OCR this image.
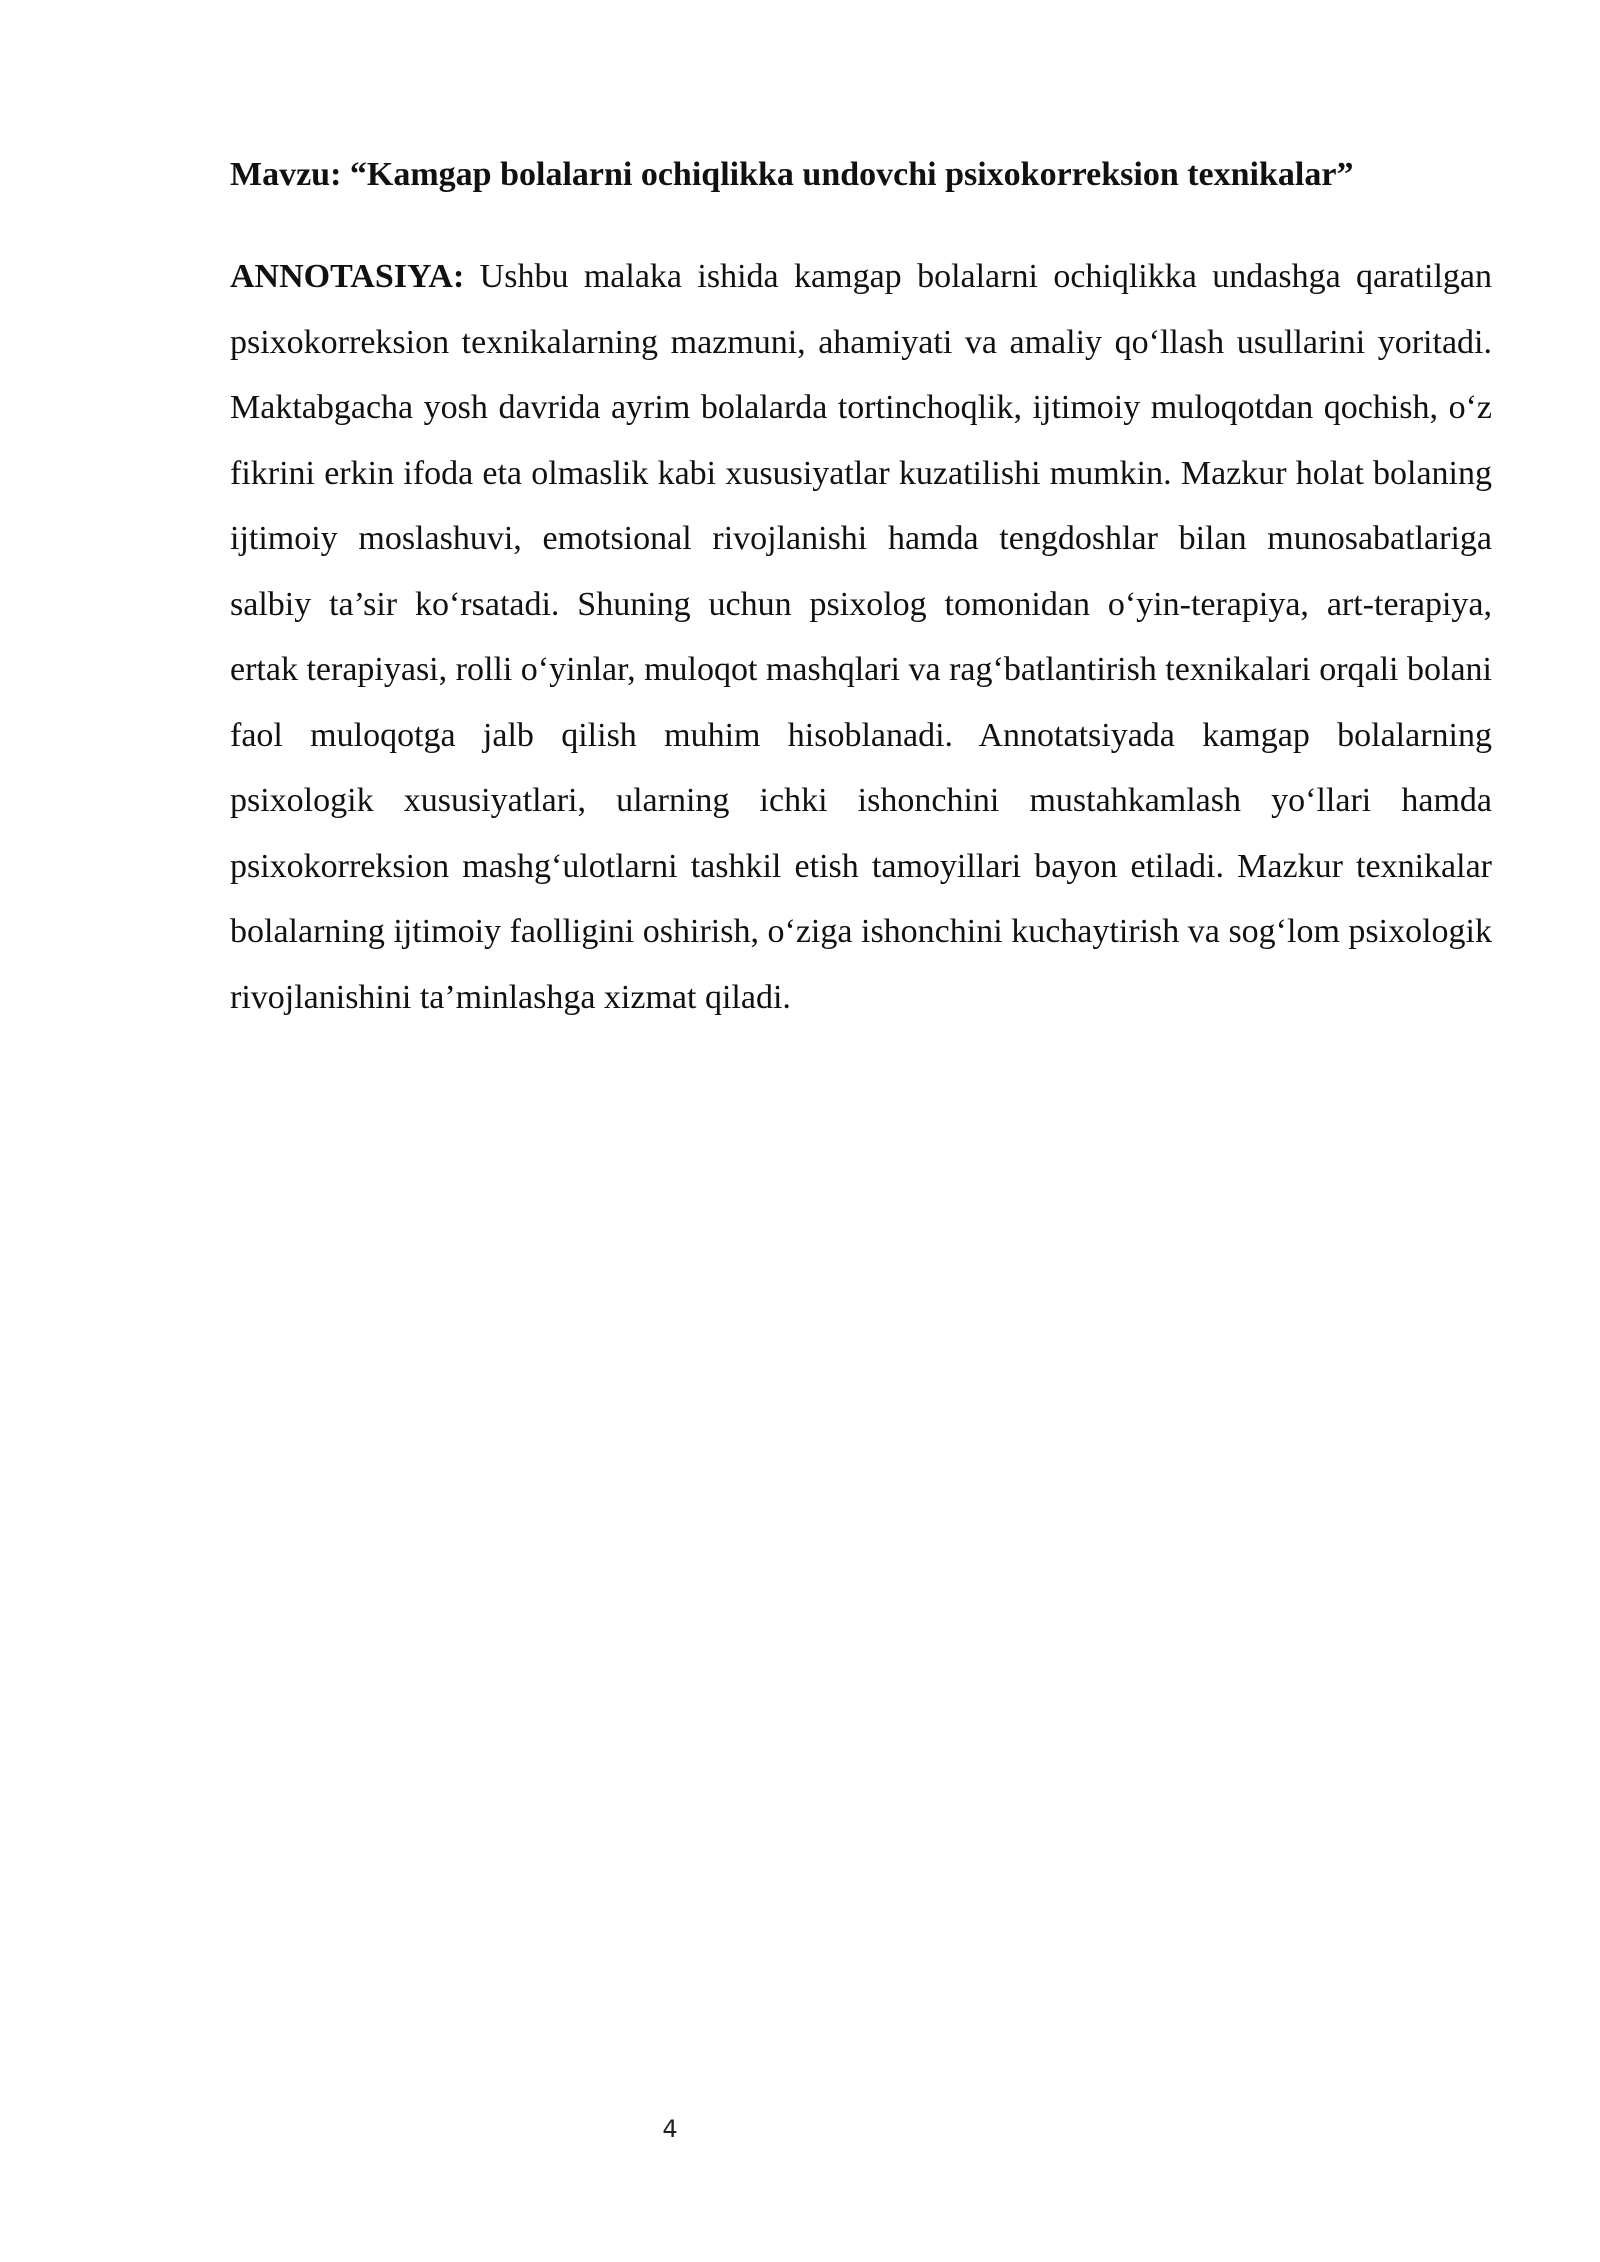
Mavzu: “Kamgap bolalarni ochiqlikka undovchi psixokorreksion texnikalar”

ANNOTASIYA: Ushbu malaka ishida kamgap bolalarni ochiqlikka undashga qaratilgan psixokorreksion texnikalarning mazmuni, ahamiyati va amaliy qo‘llash usullarini yoritadi. Maktabgacha yosh davrida ayrim bolalarda tortinchoqlik, ijtimoiy muloqotdan qochish, o‘z fikrini erkin ifoda eta olmaslik kabi xususiyatlar kuzatilishi mumkin. Mazkur holat bolaning ijtimoiy moslashuvi, emotsional rivojlanishi hamda tengdoshlar bilan munosabatlariga salbiy ta’sir ko‘rsatadi. Shuning uchun psixolog tomonidan o‘yin-terapiya, art-terapiya, ertak terapiyasi, rolli o‘yinlar, muloqot mashqlari va rag‘batlantirish texnikalari orqali bolani faol muloqotga jalb qilish muhim hisoblanadi. Annotatsiyada kamgap bolalarning psixologik xususiyatlari, ularning ichki ishonchini mustahkamlash yo‘llari hamda psixokorreksion mashg‘ulotlarni tashkil etish tamoyillari bayon etiladi. Mazkur texnikalar bolalarning ijtimoiy faolligini oshirish, o‘ziga ishonchini kuchaytirish va sog‘lom psixologik rivojlanishini ta’minlashga xizmat qiladi.

4
